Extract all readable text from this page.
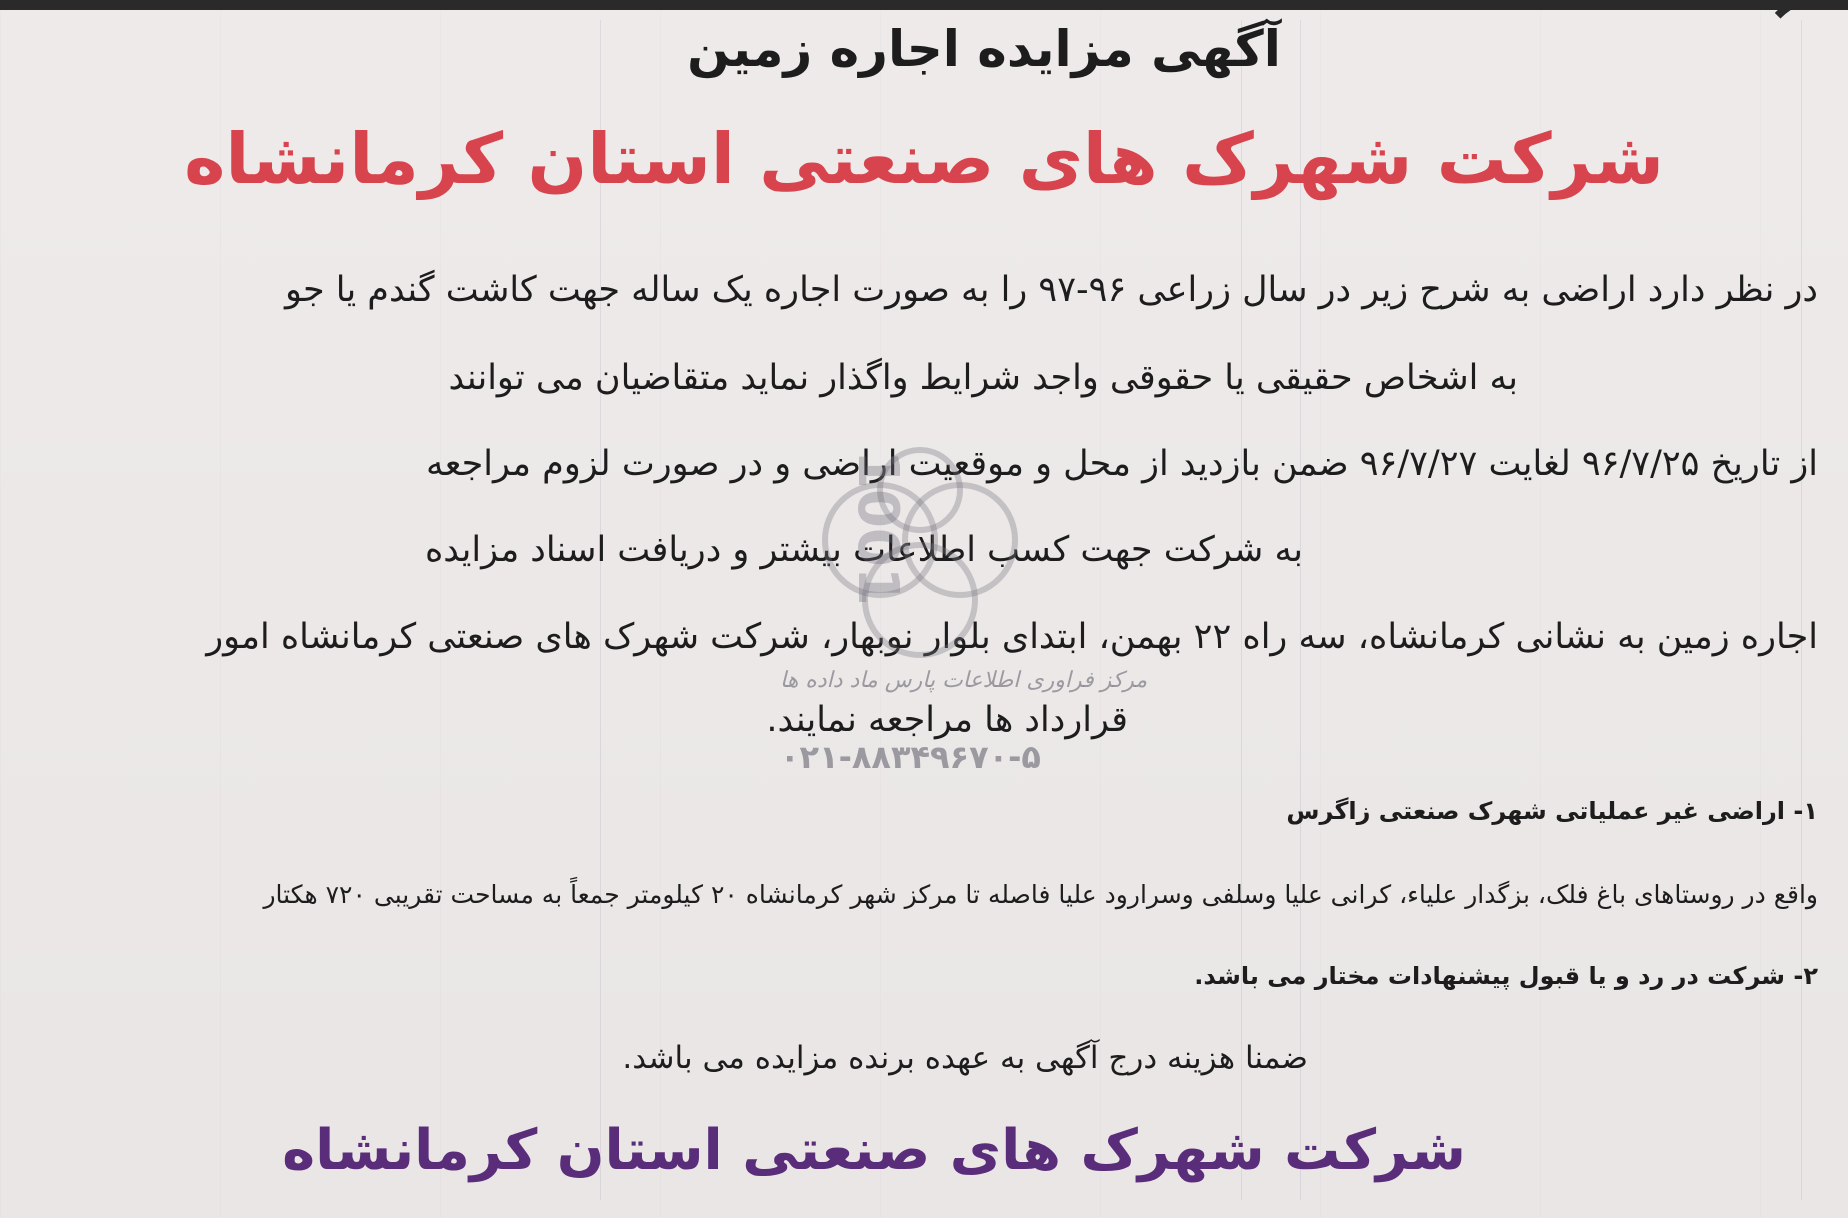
آگهی مزایده اجاره زمین
شرکت شهرک های صنعتی استان کرمانشاه
در نظر دارد اراضی به شرح زیر در سال زراعی ۹۶-۹۷ را به صورت اجاره یک ساله جهت کاشت گندم یا جو
به اشخاص حقیقی یا حقوقی واجد شرایط واگذار نماید متقاضیان می توانند
از تاریخ ۹۶/۷/۲۵ لغایت ۹۶/۷/۲۷ ضمن بازدید از محل و موقعیت اراضی و در صورت لزوم مراجعه
به شرکت جهت کسب اطلاعات بیشتر و دریافت اسناد مزایده
اجاره زمین به نشانی کرمانشاه، سه راه ۲۲ بهمن، ابتدای بلوار نوبهار، شرکت شهرک های صنعتی کرمانشاه امور
قرارداد ها مراجعه نمایند.
1001
مرکز فراوری اطلاعات پارس ماد داده ها
۰۲۱-۸۸۳۴۹۶۷۰-۵
۱- اراضی غیر عملیاتی شهرک صنعتی زاگرس
واقع در روستاهای باغ فلک، بزگدار علیاء، کرانی علیا وسلفی وسرارود علیا فاصله تا مرکز شهر کرمانشاه ۲۰ کیلومتر جمعاً به مساحت تقریبی ۷۲۰ هکتار
۲- شرکت در رد و یا قبول پیشنهادات مختار می باشد.
ضمنا هزینه درج آگهی به عهده برنده مزایده می باشد.
شرکت شهرک های صنعتی استان کرمانشاه
